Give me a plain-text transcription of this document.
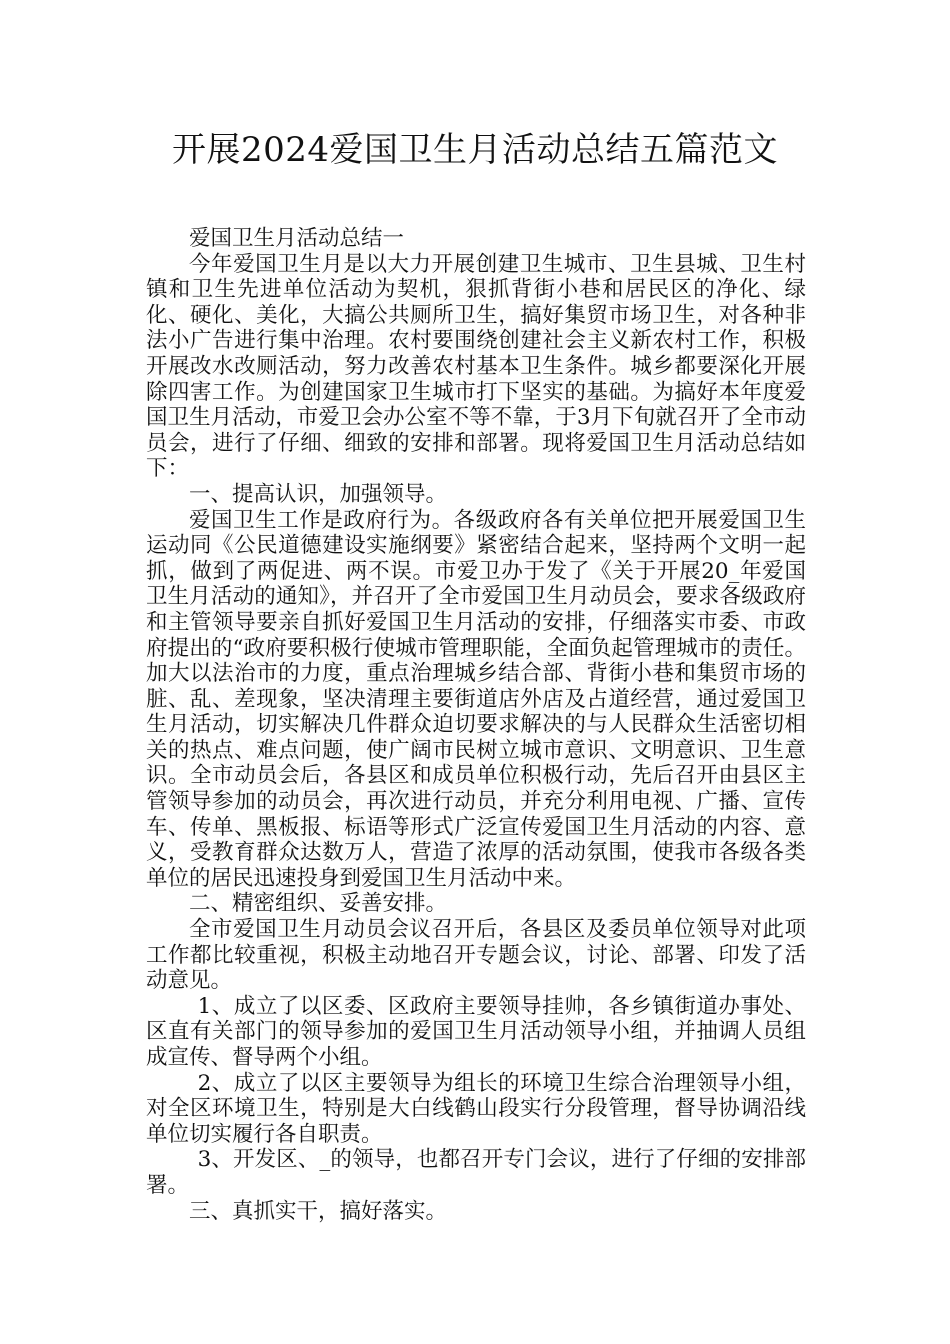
开展2024爱国卫生月活动总结五篇范文

爱国卫生月活动总结一

今年爱国卫生月是以大力开展创建卫生城市、卫生县城、卫生村镇和卫生先进单位活动为契机，狠抓背街小巷和居民区的净化、绿化、硬化、美化，大搞公共厕所卫生，搞好集贸市场卫生，对各种非法小广告进行集中治理。农村要围绕创建社会主义新农村工作，积极开展改水改厕活动，努力改善农村基本卫生条件。城乡都要深化开展除四害工作。为创建国家卫生城市打下坚实的基础。为搞好本年度爱国卫生月活动，市爱卫会办公室不等不靠，于3月下旬就召开了全市动员会，进行了仔细、细致的安排和部署。现将爱国卫生月活动总结如下：

一、提高认识，加强领导。

爱国卫生工作是政府行为。各级政府各有关单位把开展爱国卫生运动同《公民道德建设实施纲要》紧密结合起来，坚持两个文明一起抓，做到了两促进、两不误。市爱卫办于发了《关于开展20_年爱国卫生月活动的通知》，并召开了全市爱国卫生月动员会，要求各级政府和主管领导要亲自抓好爱国卫生月活动的安排，仔细落实市委、市政府提出的“政府要积极行使城市管理职能，全面负起管理城市的责任。加大以法治市的力度，重点治理城乡结合部、背街小巷和集贸市场的脏、乱、差现象，坚决清理主要街道店外店及占道经营，通过爱国卫生月活动，切实解决几件群众迫切要求解决的与人民群众生活密切相关的热点、难点问题，使广阔市民树立城市意识、文明意识、卫生意识。全市动员会后，各县区和成员单位积极行动，先后召开由县区主管领导参加的动员会，再次进行动员，并充分利用电视、广播、宣传车、传单、黑板报、标语等形式广泛宣传爱国卫生月活动的内容、意义，受教育群众达数万人，营造了浓厚的活动氛围，使我市各级各类单位的居民迅速投身到爱国卫生月活动中来。

二、精密组织、妥善安排。

全市爱国卫生月动员会议召开后，各县区及委员单位领导对此项工作都比较重视，积极主动地召开专题会议，讨论、部署、印发了活动意见。

1、成立了以区委、区政府主要领导挂帅，各乡镇街道办事处、区直有关部门的领导参加的爱国卫生月活动领导小组，并抽调人员组成宣传、督导两个小组。

2、成立了以区主要领导为组长的环境卫生综合治理领导小组，对全区环境卫生，特别是大白线鹤山段实行分段管理，督导协调沿线单位切实履行各自职责。

3、开发区、_的领导，也都召开专门会议，进行了仔细的安排部署。

三、真抓实干，搞好落实。
